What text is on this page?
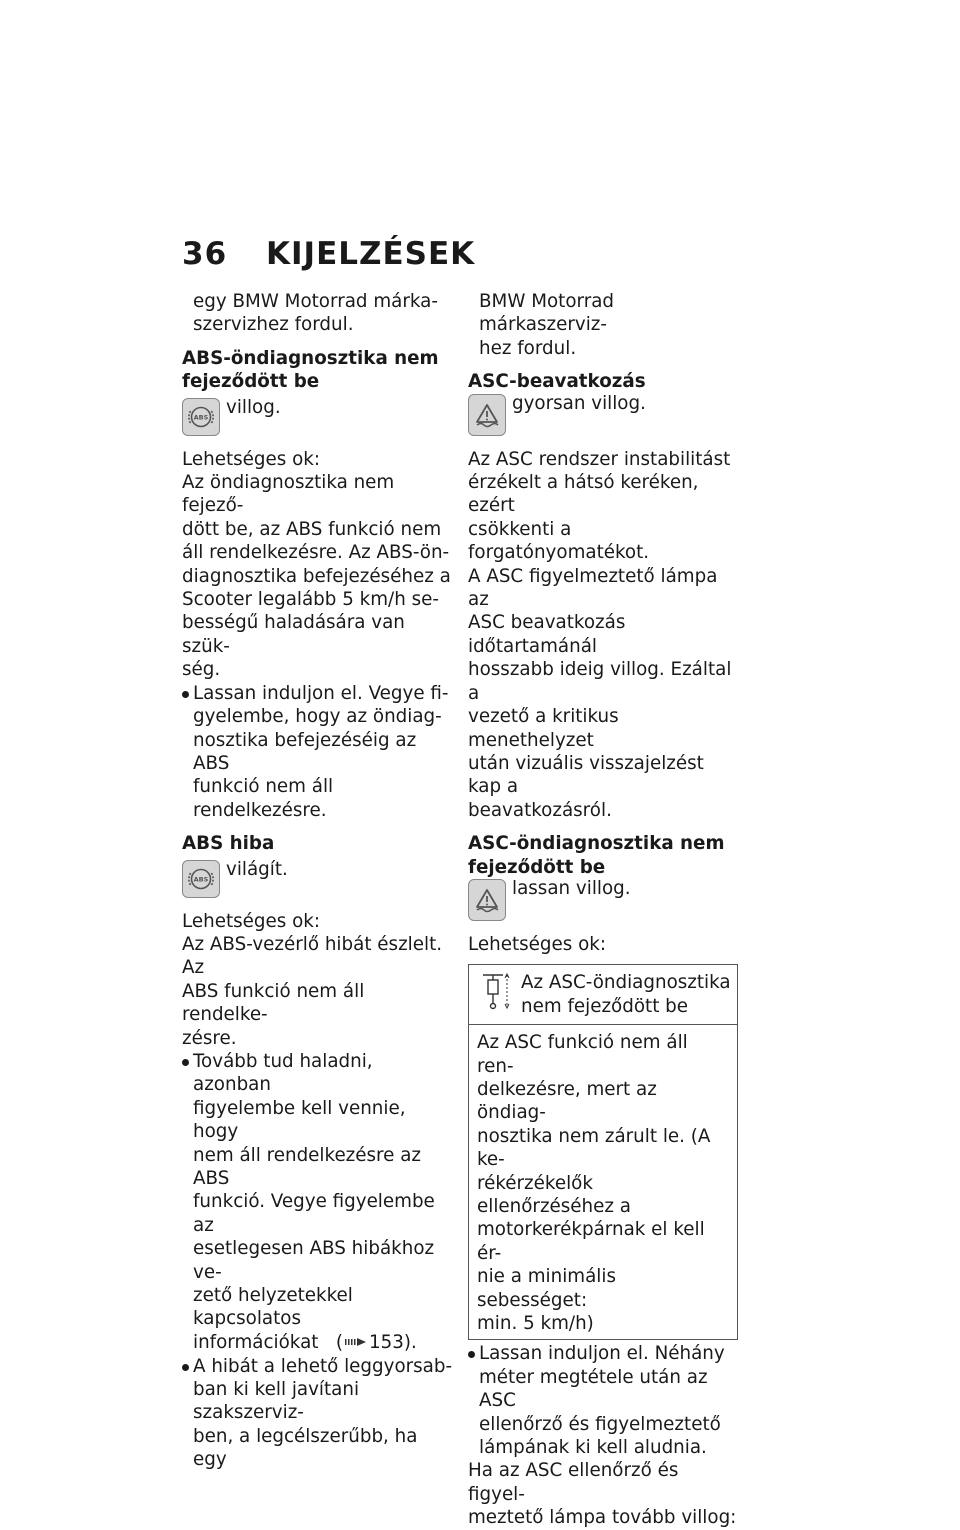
36 KIJELZÉSEK
egy BMW Motorrad márka-
szervizhez fordul.
ABS-öndiagnosztika nem
fejeződött be
ABS villog.
Lehetséges ok:
Az öndiagnosztika nem fejező-
dött be, az ABS funkció nem
áll rendelkezésre. Az ABS-ön-
diagnosztika befejezéséhez a
Scooter legalább 5 km/h se-
bességű haladására van szük-
ség.
Lassan induljon el. Vegye fi-
gyelembe, hogy az öndiag-
nosztika befejezéséig az ABS
funkció nem áll rendelkezésre.
ABS hiba
ABS világít.
Lehetséges ok:
Az ABS-vezérlő hibát észlelt. Az
ABS funkció nem áll rendelke-
zésre.
Tovább tud haladni, azonban
figyelembe kell vennie, hogy
nem áll rendelkezésre az ABS
funkció. Vegye figyelembe az
esetlegesen ABS hibákhoz ve-
zető helyzetekkel kapcsolatos
információkat   ( 153).
A hibát a lehető leggyorsab-
ban ki kell javítani szakszerviz-
ben, a legcélszerűbb, ha egy
BMW Motorrad márkaszerviz-
hez fordul.
ASC-beavatkozás
gyorsan villog.
Az ASC rendszer instabilitást
érzékelt a hátsó keréken, ezért
csökkenti a forgatónyomatékot.
A ASC figyelmeztető lámpa az
ASC beavatkozás időtartamánál
hosszabb ideig villog. Ezáltal a
vezető a kritikus menethelyzet
után vizuális visszajelzést kap a
beavatkozásról.
ASC-öndiagnosztika nem
fejeződött be
lassan villog.
Lehetséges ok:
Az ASC-öndiagnosztika
nem fejeződött be
Az ASC funkció nem áll ren-
delkezésre, mert az öndiag-
nosztika nem zárult le. (A ke-
rékérzékelők ellenőrzéséhez a
motorkerékpárnak el kell ér-
nie a minimális sebességet:
min. 5 km/h)
Lassan induljon el. Néhány
méter megtétele után az ASC
ellenőrző és figyelmeztető
lámpának ki kell aludnia.
Ha az ASC ellenőrző és figyel-
meztető lámpa tovább villog:
